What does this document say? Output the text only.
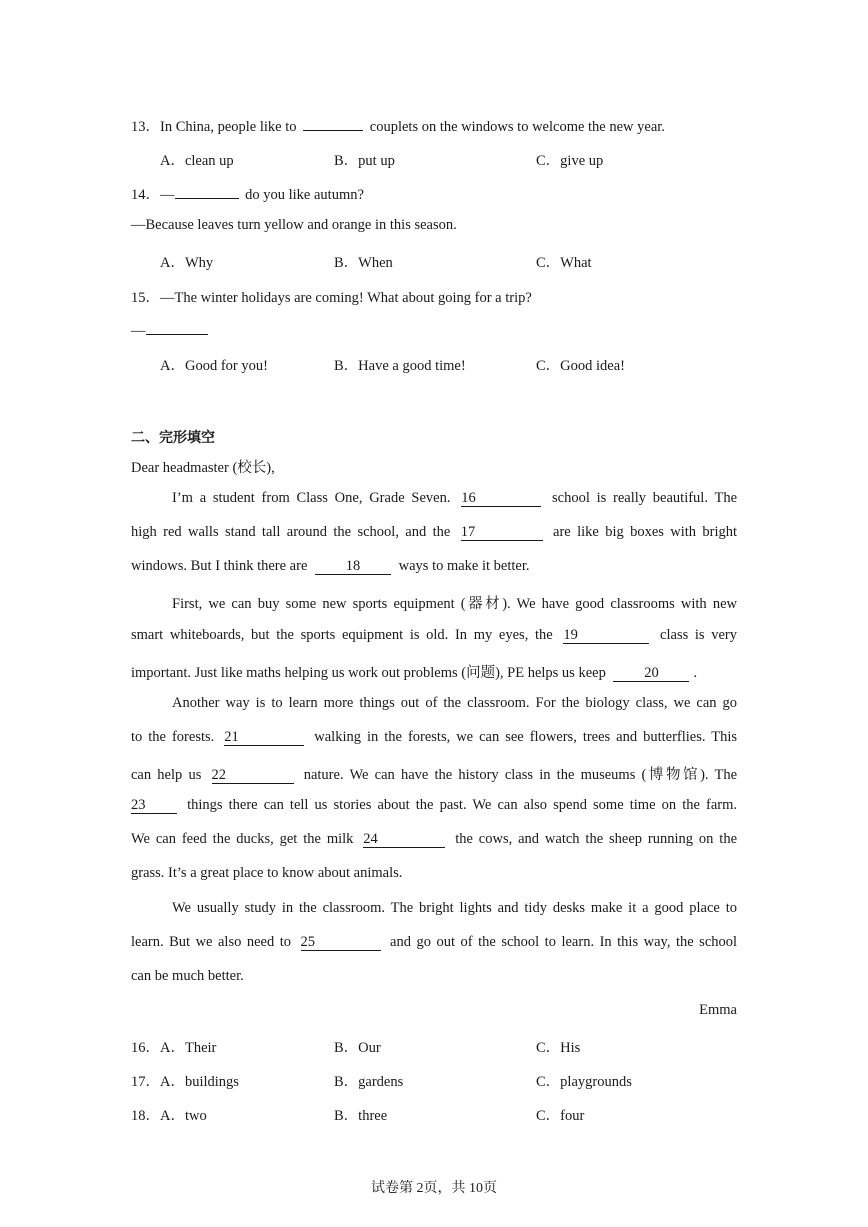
13．In China, people like to	couplets on the windows to welcome the new year.
A．clean up	B．put up	C．give up
14．—	do you like autumn?
—Because leaves turn yellow and orange in this season.
A．Why	B．When	C．What
15．—The winter holidays are coming! What about going for a trip?
—
A．Good for you!	B．Have a good time!	C．Good idea!
二、完形填空
Dear headmaster (校长),
I’m a student from Class One, Grade Seven. 16	school is really beautiful. The
high red walls stand tall around the school, and the 17	are like big boxes with bright
windows. But I think there are	18	ways to make it better.
First, we can buy some new sports equipment (器材). We have good classrooms with new
smart whiteboards, but the sports equipment is old. In my eyes, the 19	class is very
important. Just like maths helping us work out problems (问题), PE helps us keep	20 .
Another way is to learn more things out of the classroom. For the biology class, we can go
to the forests. 21	walking in the forests, we can see flowers, trees and butterflies. This
can help us 22	nature. We can have the history class in the museums (博物馆). The
23	things there can tell us stories about the past. We can also spend some time on the farm.
We can feed the ducks, get the milk 24	the cows, and watch the sheep running on the
grass. It’s a great place to know about animals.
We usually study in the classroom. The bright lights and tidy desks make it a good place to
learn. But we also need to 25	and go out of the school to learn. In this way, the school
can be much better.
Emma
16． A．Their	B．Our	C．His
17． A．buildings	B．gardens	C．playgrounds
18． A．two	B．three	C．four
试卷第 2页，共 10页
